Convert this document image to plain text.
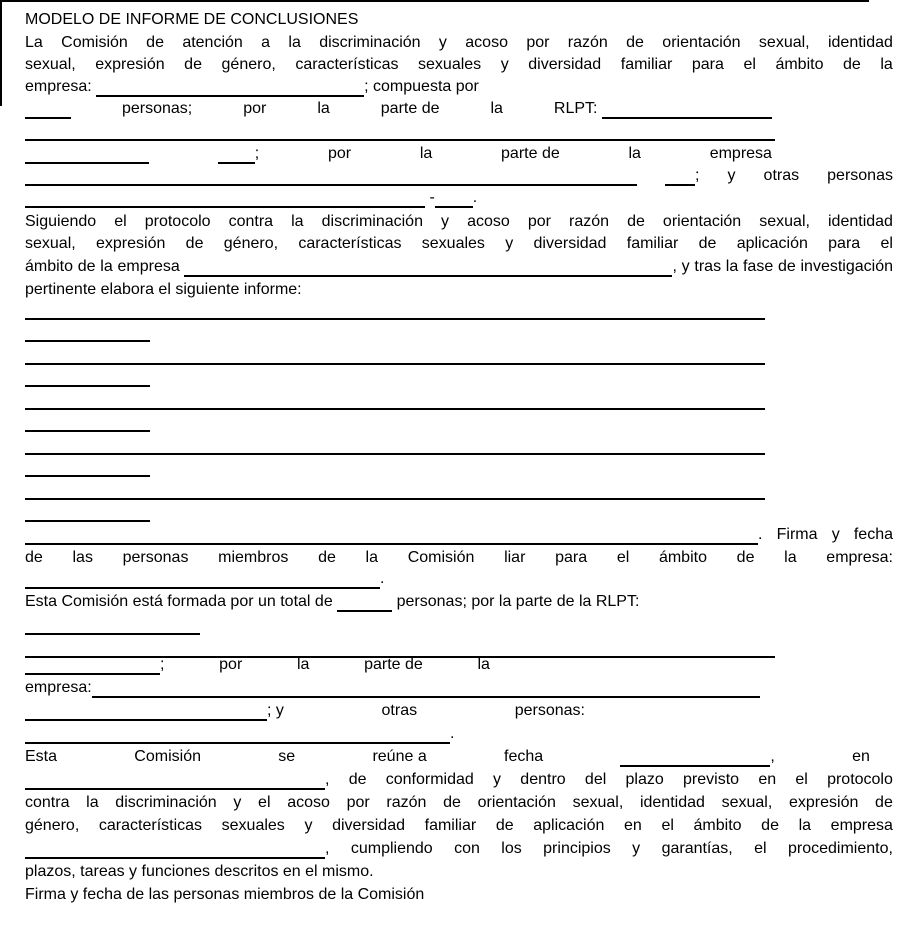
MODELO DE INFORME DE CONCLUSIONES
La Comisión de atención a la discriminación y acoso por razón de orientación sexual, identidad
sexual, expresión de género, características sexuales y diversidad familiar para el ámbito de la
empresa:	; compuesta por
personas;	por	la	parte de	la	RLPT:
;	por	la	parte de	la	empresa
; y otras personas
- .
Siguiendo el protocolo contra la discriminación y acoso por razón de orientación sexual, identidad
sexual, expresión de género, características sexuales y diversidad familiar de aplicación para el
ámbito de la empresa	, y tras la fase de investigación
pertinente elabora el siguiente informe:
. Firma y fecha
de las personas miembros de la Comisión liar para el ámbito de la empresa:
.
Esta Comisión está formada por un total de	personas; por la parte de la RLPT:
;	por	la	parte de	la
empresa:
; y	otras	personas:
.
Esta	Comisión	se	reúne a	fecha	,	en
, de conformidad y dentro del plazo previsto en el protocolo
contra la discriminación y el acoso por razón de orientación sexual, identidad sexual, expresión de
género, características sexuales y diversidad familiar de aplicación en el ámbito de la empresa
, cumpliendo con los principios y garantías, el procedimiento,
plazos, tareas y funciones descritos en el mismo.
Firma y fecha de las personas miembros de la Comisión
